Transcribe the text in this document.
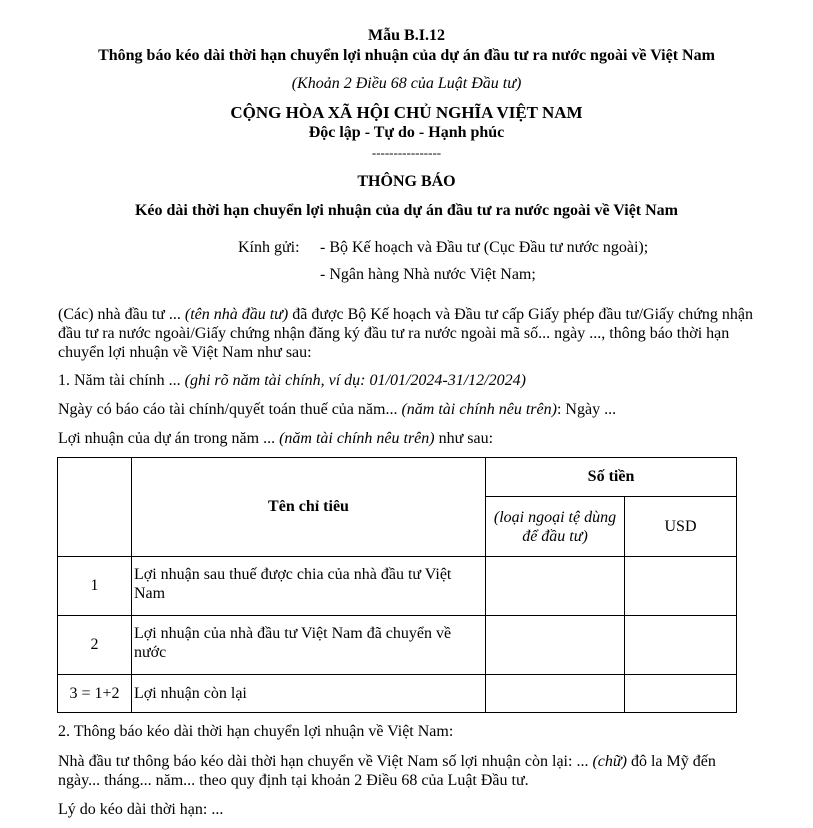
Mẫu B.I.12
Thông báo kéo dài thời hạn chuyển lợi nhuận của dự án đầu tư ra nước ngoài về Việt Nam
(Khoản 2 Điều 68 của Luật Đầu tư)
CỘNG HÒA XÃ HỘI CHỦ NGHĨA VIỆT NAM
Độc lập - Tự do - Hạnh phúc
----------------
THÔNG BÁO
Kéo dài thời hạn chuyển lợi nhuận của dự án đầu tư ra nước ngoài về Việt Nam
Kính gửi: - Bộ Kế hoạch và Đầu tư (Cục Đầu tư nước ngoài);
- Ngân hàng Nhà nước Việt Nam;
(Các) nhà đầu tư ... (tên nhà đầu tư) đã được Bộ Kế hoạch và Đầu tư cấp Giấy phép đầu tư/Giấy chứng nhận đầu tư ra nước ngoài/Giấy chứng nhận đăng ký đầu tư ra nước ngoài mã số... ngày ..., thông báo thời hạn chuyển lợi nhuận về Việt Nam như sau:
1. Năm tài chính ... (ghi rõ năm tài chính, ví dụ: 01/01/2024-31/12/2024)
Ngày có báo cáo tài chính/quyết toán thuế của năm... (năm tài chính nêu trên): Ngày ...
Lợi nhuận của dự án trong năm ... (năm tài chính nêu trên) như sau:
	Tên chỉ tiêu	Số tiền	
		(loại ngoại tệ dùng để đầu tư)	USD
1	Lợi nhuận sau thuế được chia của nhà đầu tư Việt Nam		
2	Lợi nhuận của nhà đầu tư Việt Nam đã chuyển về nước		
3 = 1+2	Lợi nhuận còn lại		
2. Thông báo kéo dài thời hạn chuyển lợi nhuận về Việt Nam:
Nhà đầu tư thông báo kéo dài thời hạn chuyển về Việt Nam số lợi nhuận còn lại: ... (chữ) đô la Mỹ đến ngày... tháng... năm... theo quy định tại khoản 2 Điều 68 của Luật Đầu tư.
Lý do kéo dài thời hạn: ...
